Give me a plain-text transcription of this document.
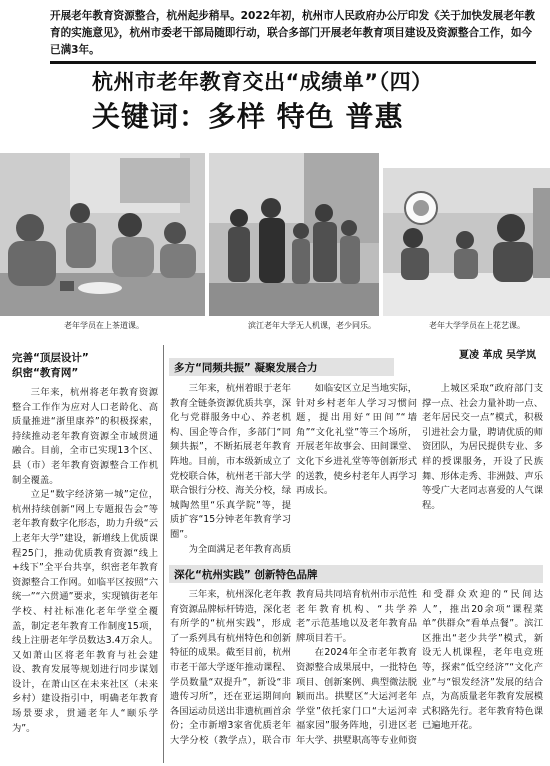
开展老年教育资源整合，杭州起步稍早。2022年初，杭州市人民政府办公厅印发《关于加快发展老年教育的实施意见》，杭州市委老干部局随即行动，联合多部门开展老年教育项目建设及资源整合工作，如今已满3年。
杭州市老年教育交出“成绩单”（四）
关键词：多样 特色 普惠
老年学员在上茶道课。	滨江老年大学无人机课，老少同乐。	老年大学学员在上花艺课。
夏凌 革成 吴学岚
完善“顶层设计”
织密“教育网”

三年来，杭州将老年教育资源整合工作作为应对人口老龄化、高质量推进“浙里康养”的积极探索，持续推动老年教育资源全市域贯通融合。目前，全市已实现13个区、县（市）老年教育资源整合工作机制全覆盖。

立足“数字经济第一城”定位，杭州持续创新“网上专题报告会”等老年教育数字化形态，助力升级“云上老年大学”建设，新增线上优质课程25门，推动优质教育资源“线上+线下”全平台共享，织密老年教育资源整合工作网。如临平区按照“六统一”“六贯通”要求，实现镇街老年学校、村社标准化老年学堂全覆盖，制定老年教育工作制度15项，线上注册老年学员数达3.4万余人。又如萧山区将老年教育与社会建设、教育发展等规划进行同步谋划设计，在萧山区在未来社区（未来乡村）建设指引中，明确老年教育场景要求，贯通老年人“颐乐学为”。

多方“同频共振” 凝聚发展合力

三年来，杭州着眼于老年教育全链条资源优质共享，深化与党群服务中心、养老机构、国企等合作，多部门“同频共振”，不断拓展老年教育阵地。目前，市本级新成立了党校联合体，杭州老干部大学联合银行分校、海关分校，绿城陶然里“乐真学院”等，提质扩容“15分钟老年教育学习圈”。

为全面满足老年教育高质

如临安区立足当地实际，针对乡村老年人学习习惯问题，提出用好“田间”“墙角”“文化礼堂”等三个场所，开展老年故事会、田间课堂、文化下乡进礼堂等等创新形式的送教，使乡村老年人再学习再成长。

上城区采取“政府部门支撑一点、社会力量补助一点、老年居民交一点”模式，积极引进社会力量，聘请优质的师资团队，为居民提供专业、多样的授课服务，开设了民族舞、形体走秀、非洲鼓、声乐等受广大老同志喜爱的人气课程。

深化“杭州实践” 创新特色品牌

三年来，杭州深化老年教育资源品牌标杆铸造，深化老有所学的“杭州实践”，形成了一系列具有杭州特色和创新特征的成果。截至目前，杭州市老干部大学逐年推动课程、学员数量“双提升”，新设“非遗传习所”，还在亚运期间向各国运动员送出非遗杭画首余份；全市新增3家省优质老年大学分校（教学点），联合市教育局共同培育杭州市示范性老年教育机构、“共学养老”示范基地以及老年教育品牌项目若干。

在2024年全市老年教育资源整合成果展中，一批特色项目、创新案例、典型微法脱颖而出。拱墅区“大运河老年学堂”依托家门口“大运河幸福家园”服务阵地，引进区老年大学、拱墅职高等专业师资和受群众欢迎的“民间达人”，推出20余项“课程菜单”供群众“看单点餐”。滨江区推出“老少共学”模式，新设无人机课程，老年电竞班等，探索“低空经济”“文化产业”与“银发经济”发展的结合点，为高质量老年教育发展模式积路先行。老年教育特色课已遍地开花。
